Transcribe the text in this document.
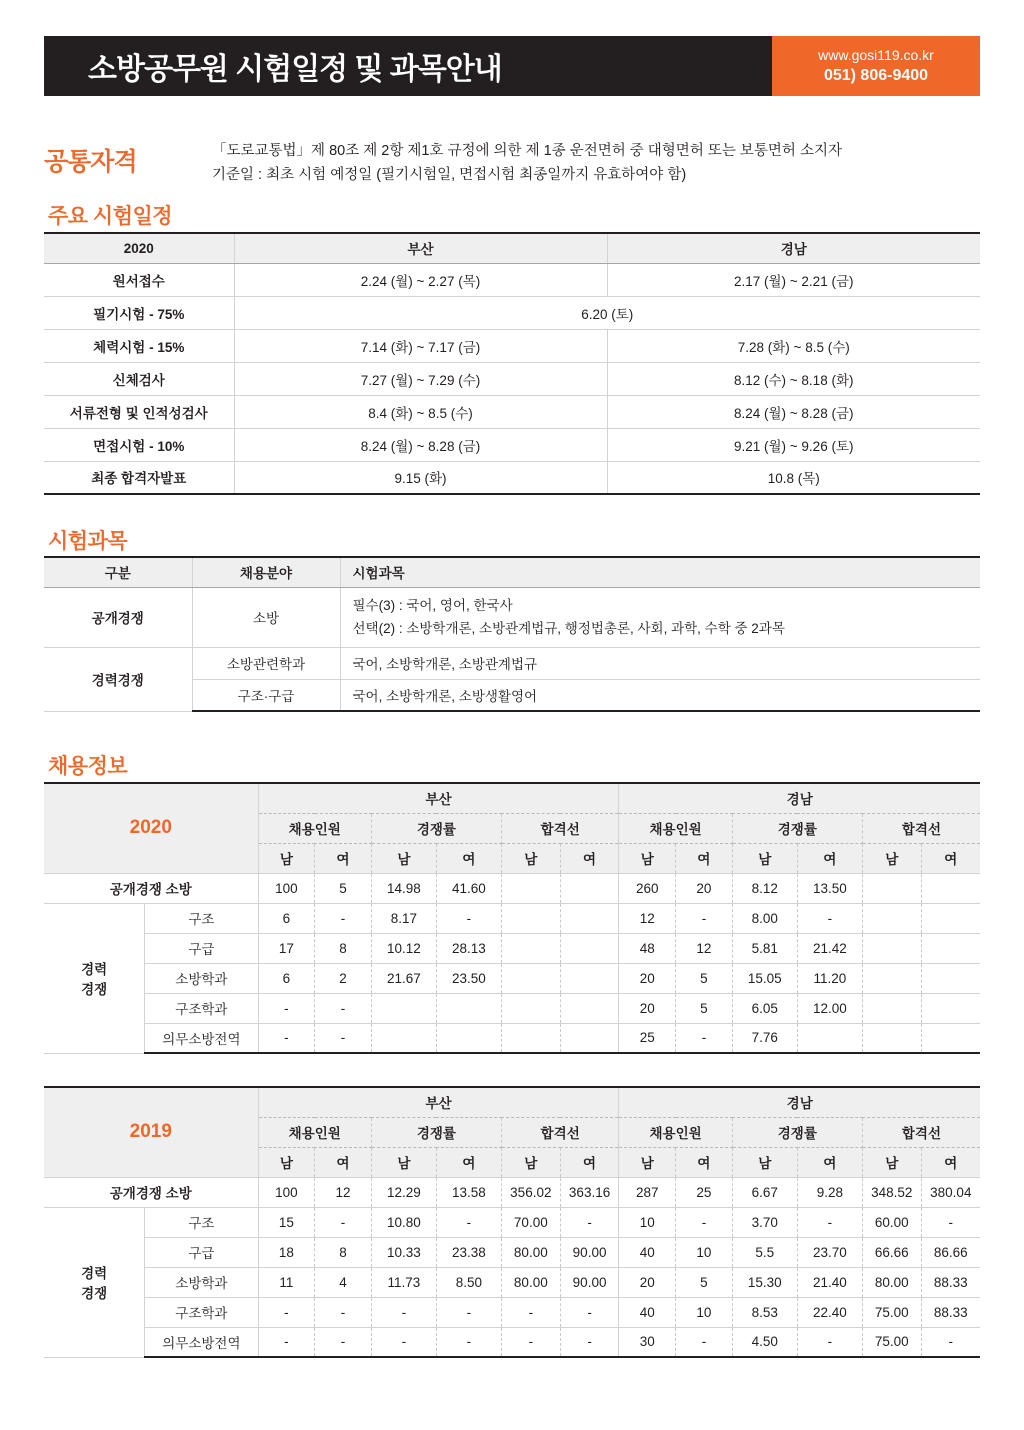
소방공무원 시험일정 및 과목안내	www.gosi119.co.kr
051) 806-9400
공통자격	「도로교통법」제 80조 제 2항 제1호 규정에 의한 제 1종 운전면허 중 대형면허 또는 보통면허 소지자
기준일 : 최초 시험 예정일 (필기시험일, 면접시험 최종일까지 유효하여야 함)
주요 시험일정
2020	부산	경남
원서접수	2.24 (월) ~ 2.27 (목)	2.17 (월) ~ 2.21 (금)
필기시험 - 75%	6.20 (토)	
체력시험 - 15%	7.14 (화) ~ 7.17 (금)	7.28 (화) ~ 8.5 (수)
신체검사	7.27 (월) ~ 7.29 (수)	8.12 (수) ~ 8.18 (화)
서류전형 및 인적성검사	8.4 (화) ~ 8.5 (수)	8.24 (월) ~ 8.28 (금)
면접시험 - 10%	8.24 (월) ~ 8.28 (금)	9.21 (월) ~ 9.26 (토)
최종 합격자발표	9.15 (화)	10.8 (목)
시험과목
구분	채용분야	시험과목
공개경쟁	소방	필수(3) : 국어, 영어, 한국사
선택(2) : 소방학개론, 소방관계법규, 행정법총론, 사회, 과학, 수학 중 2과목

경력경쟁	소방관련학과	국어, 소방학개론, 소방관계법규
	구조·구급	국어, 소방학개론, 소방생활영어
채용정보
2020		부산						경남					
		채용인원		경쟁률		합격선		채용인원		경쟁률		합격선	
		남	여	남	여	남	여	남	여	남	여	남	여
공개경쟁 소방		100	5	14.98	41.60			260	20	8.12	13.50		

경력
경쟁	구조	6	-	8.17	-			12	-	8.00	-		
	구급	17	8	10.12	28.13			48	12	5.81	21.42		
	소방학과	6	2	21.67	23.50			20	5	15.05	11.20		
	구조학과	-	-					20	5	6.05	12.00		
	의무소방전역	-	-					25	-	7.76			
2019		부산						경남					
		채용인원		경쟁률		합격선		채용인원		경쟁률		합격선	
		남	여	남	여	남	여	남	여	남	여	남	여
공개경쟁 소방		100	12	12.29	13.58	356.02	363.16	287	25	6.67	9.28	348.52	380.04

경력
경쟁	구조	15	-	10.80	-	70.00	-	10	-	3.70	-	60.00	-
	구급	18	8	10.33	23.38	80.00	90.00	40	10	5.5	23.70	66.66	86.66
	소방학과	11	4	11.73	8.50	80.00	90.00	20	5	15.30	21.40	80.00	88.33
	구조학과	-	-	-	-	-	-	40	10	8.53	22.40	75.00	88.33
	의무소방전역	-	-	-	-	-	-	30	-	4.50	-	75.00	-
